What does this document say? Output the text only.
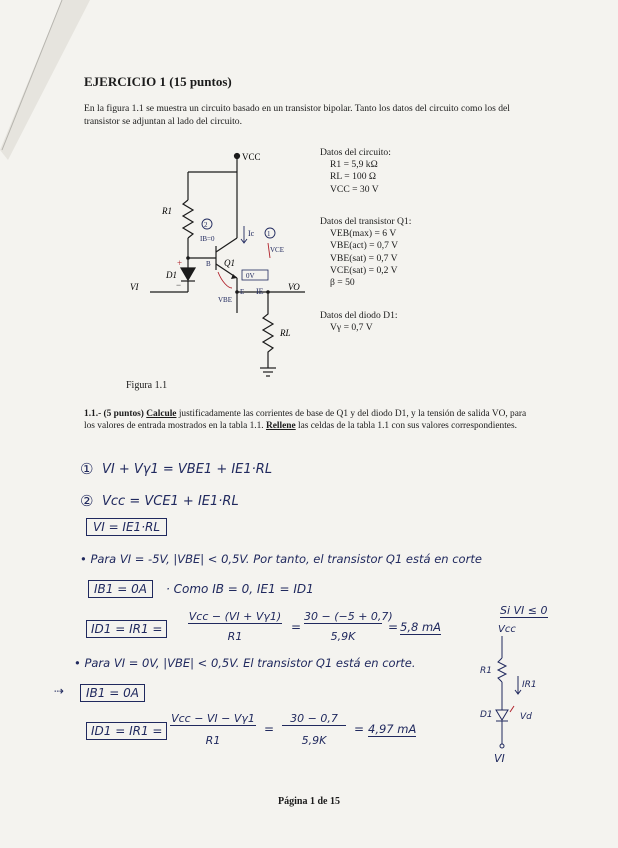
EJERCICIO 1 (15 puntos)
En la figura 1.1 se muestra un circuito basado en un transistor bipolar. Tanto los datos del circuito como los del transistor se adjuntan al lado del circuito.
VCC
R1
Q1
D1
VI	VO
RL
+
−
2
1
IB=0
Ic
VCE
IE
VBE
B
E
0V
Figura 1.1
Datos del circuito:
R1 = 5,9 kΩ
RL = 100 Ω
VCC = 30 V
Datos del transistor Q1:
VEB(max) = 6 V
VBE(act) = 0,7 V
VBE(sat) = 0,7 V
VCE(sat) = 0,2 V
β = 50
Datos del diodo D1:
Vγ = 0,7 V
1.1.- (5 puntos) Calcule justificadamente las corrientes de base de Q1 y del diodo D1, y la tensión de salida VO, para los valores de entrada mostrados en la tabla 1.1. Rellene las celdas de la tabla 1.1 con sus valores correspondientes.
① VI + Vγ1 = VBE1 + IE1·RL
② Vcc = VCE1 + IE1·RL
VI = IE1·RL
• Para VI = -5V, |VBE| < 0,5V. Por tanto, el transistor Q1 está en corte
IB1 = 0A	· Como IB = 0, IE1 = ID1
ID1 = IR1 =
Vcc − (VI + Vγ1)
R1
=
30 − (−5 + 0,7)
5,9K
= 5,8 mA
Si VI ≤ 0
Vcc
R1
IR1
D1	Vd
VI
• Para VI = 0V, |VBE| < 0,5V. El transistor Q1 está en corte.
⇢	IB1 = 0A
ID1 = IR1 =
Vcc − VI − Vγ1
R1
=
30 − 0,7
5,9K
= 4,97 mA
Página 1 de 15
